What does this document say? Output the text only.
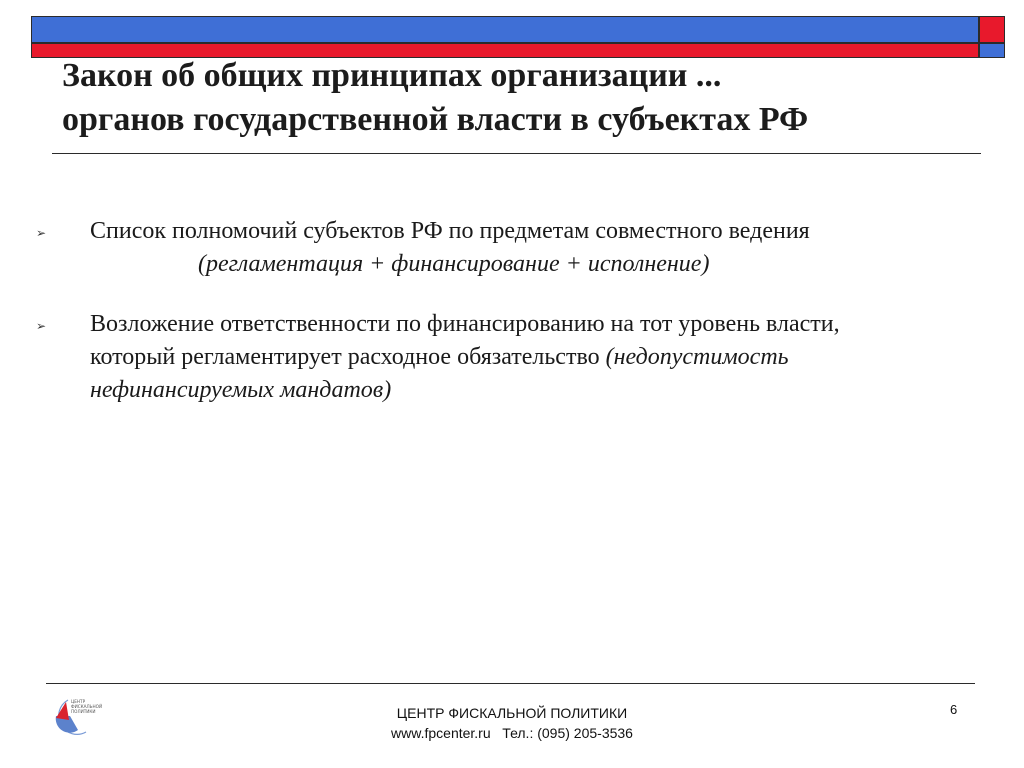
Закон об общих принципах организации ...
органов государственной власти в субъектах РФ
➢ Список полномочий субъектов РФ по предметам совместного ведения
(регламентация + финансирование + исполнение)
➢ Возложение ответственности по финансированию на тот уровень власти,
который регламентирует расходное обязательство (недопустимость
нефинансируемых мандатов)
ЦЕНТР
ФИСКАЛЬНОЙ
ПОЛИТИКИ	ЦЕНТР ФИСКАЛЬНОЙ ПОЛИТИКИ
www.fpcenter.ru   Тел.: (095) 205-3536
6
